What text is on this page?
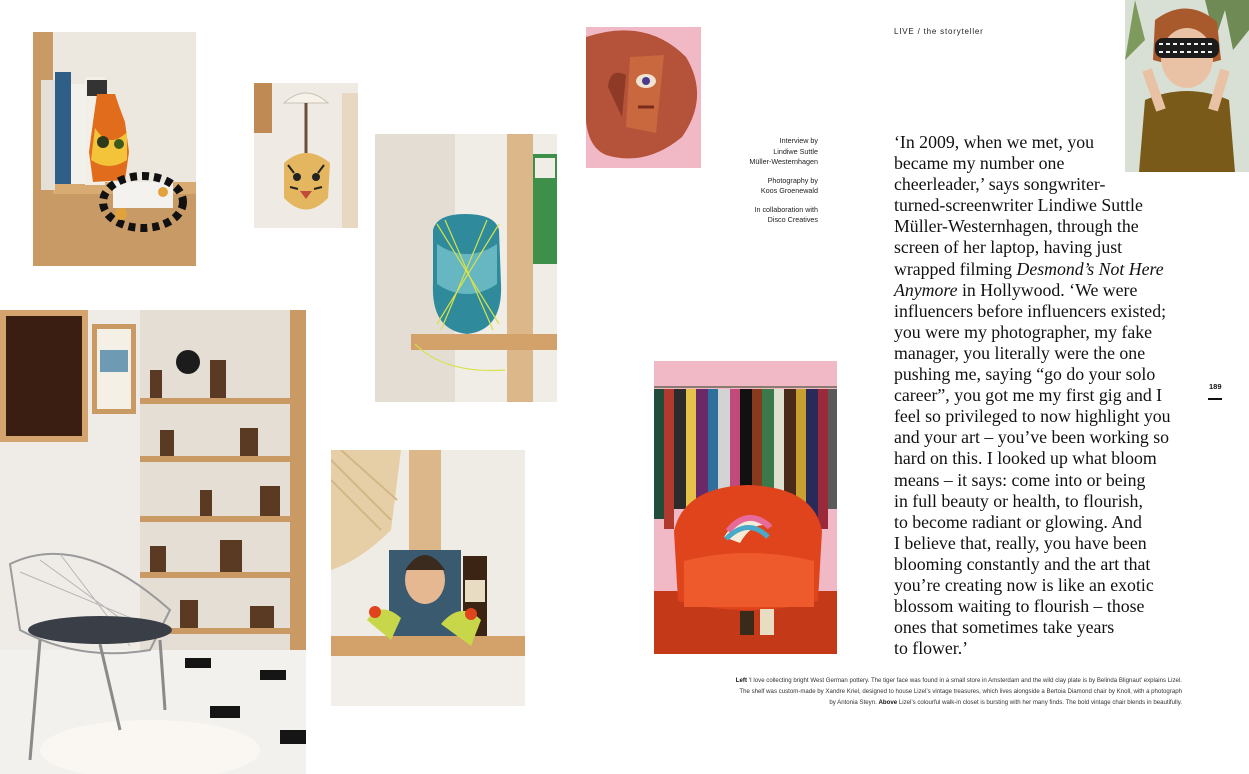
LIVE / the storyteller

Interview by
Lindiwe Suttle
Müller-Westernhagen

Photography by
Koos Groenewald

In collaboration with
Disco Creatives

‘In 2009, when we met, you
became my number one
cheerleader,’ says songwriter-
turned-screenwriter Lindiwe Suttle
Müller-Westernhagen, through the
screen of her laptop, having just
wrapped filming Desmond’s Not Here
Anymore in Hollywood. ‘We were
influencers before influencers existed;
you were my photographer, my fake
manager, you literally were the one
pushing me, saying “go do your solo
career”, you got me my first gig and I
feel so privileged to now highlight you
and your art – you’ve been working so
hard on this. I looked up what bloom
means – it says: come into or being
in full beauty or health, to flourish,
to become radiant or glowing. And
I believe that, really, you have been
blooming constantly and the art that
you’re creating now is like an exotic
blossom waiting to flourish – those
ones that sometimes take years
to flower.’
189
Left ‘I love collecting bright West German pottery. The tiger face was found in a small store in Amsterdam and the wild clay plate is by Belinda Blignaut’ explains Lizel.
The shelf was custom-made by Xandre Kriel, designed to house Lizel’s vintage treasures, which lives alongside a Bertoia Diamond chair by Knoll, with a photograph
by Antonia Steyn. Above Lizel’s colourful walk-in closet is bursting with her many finds. The bold vintage chair blends in beautifully.
